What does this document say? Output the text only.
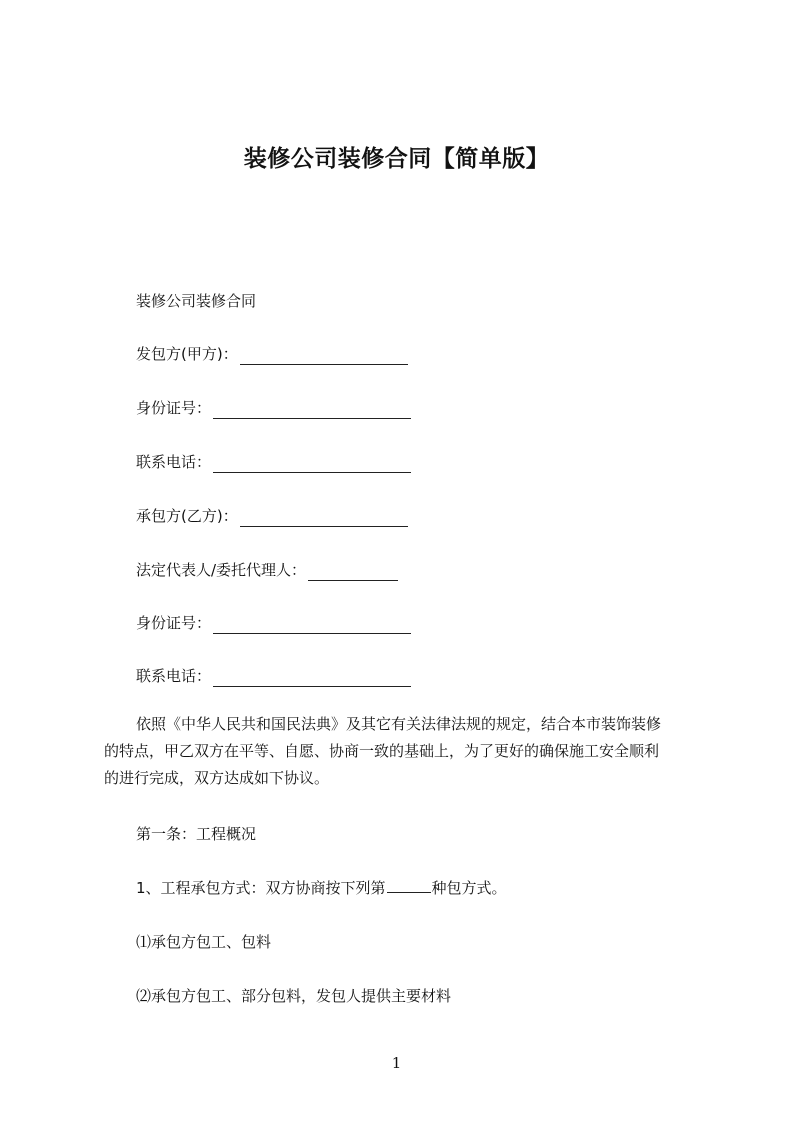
装修公司装修合同【简单版】
装修公司装修合同
发包方(甲方)：
身份证号：
联系电话：
承包方(乙方)：
法定代表人/委托代理人：
身份证号：
联系电话：
依照《中华人民共和国民法典》及其它有关法律法规的规定，结合本市装饰装修
的特点，甲乙双方在平等、自愿、协商一致的基础上，为了更好的确保施工安全顺利
的进行完成，双方达成如下协议。
第一条：工程概况
1、工程承包方式：双方协商按下列第	种包方式。
⑴承包方包工、包料
⑵承包方包工、部分包料，发包人提供主要材料
1
